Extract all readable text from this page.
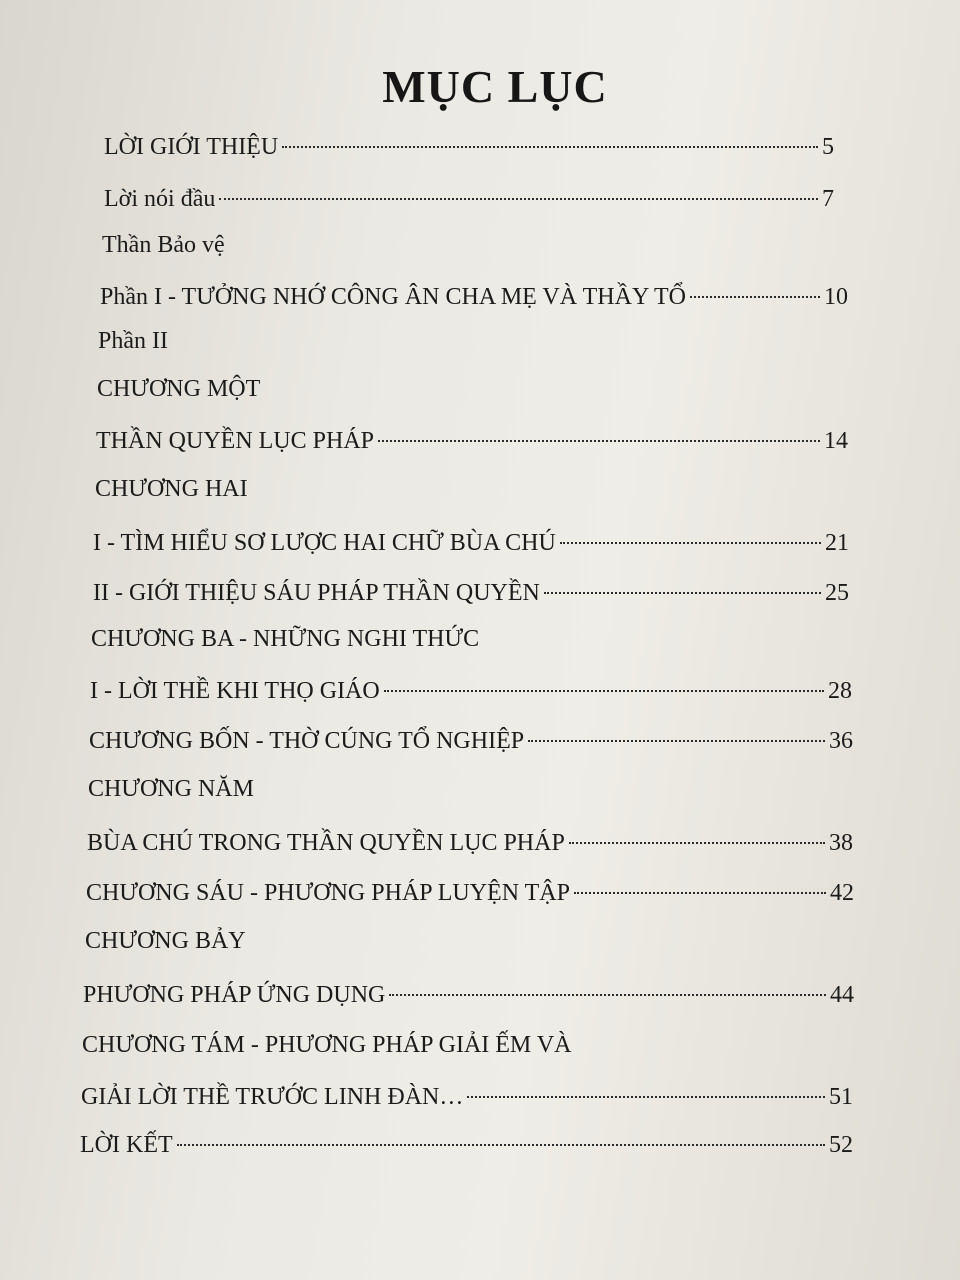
MỤC LỤC
LỜI GIỚI THIỆU	5
Lời nói đầu	7
Thần Bảo vệ
Phần I - TƯỞNG NHỚ CÔNG ÂN CHA MẸ VÀ THẦY TỔ	10
Phần II
CHƯƠNG MỘT
THẦN QUYỀN LỤC PHÁP	14
CHƯƠNG HAI
I - TÌM HIỂU SƠ LƯỢC HAI CHỮ BÙA CHÚ	21
II - GIỚI THIỆU SÁU PHÁP THẦN QUYỀN	25
CHƯƠNG BA - NHỮNG NGHI THỨC
I - LỜI THỀ KHI THỌ GIÁO	28
CHƯƠNG BỐN - THỜ CÚNG TỔ NGHIỆP	36
CHƯƠNG NĂM
BÙA CHÚ TRONG THẦN QUYỀN LỤC PHÁP	38
CHƯƠNG SÁU - PHƯƠNG PHÁP LUYỆN TẬP	42
CHƯƠNG BẢY
PHƯƠNG PHÁP ỨNG DỤNG	44
CHƯƠNG TÁM - PHƯƠNG PHÁP GIẢI ẾM VÀ
GIẢI LỜI THỀ TRƯỚC LINH ĐÀN…	51
LỜI KẾT	52
